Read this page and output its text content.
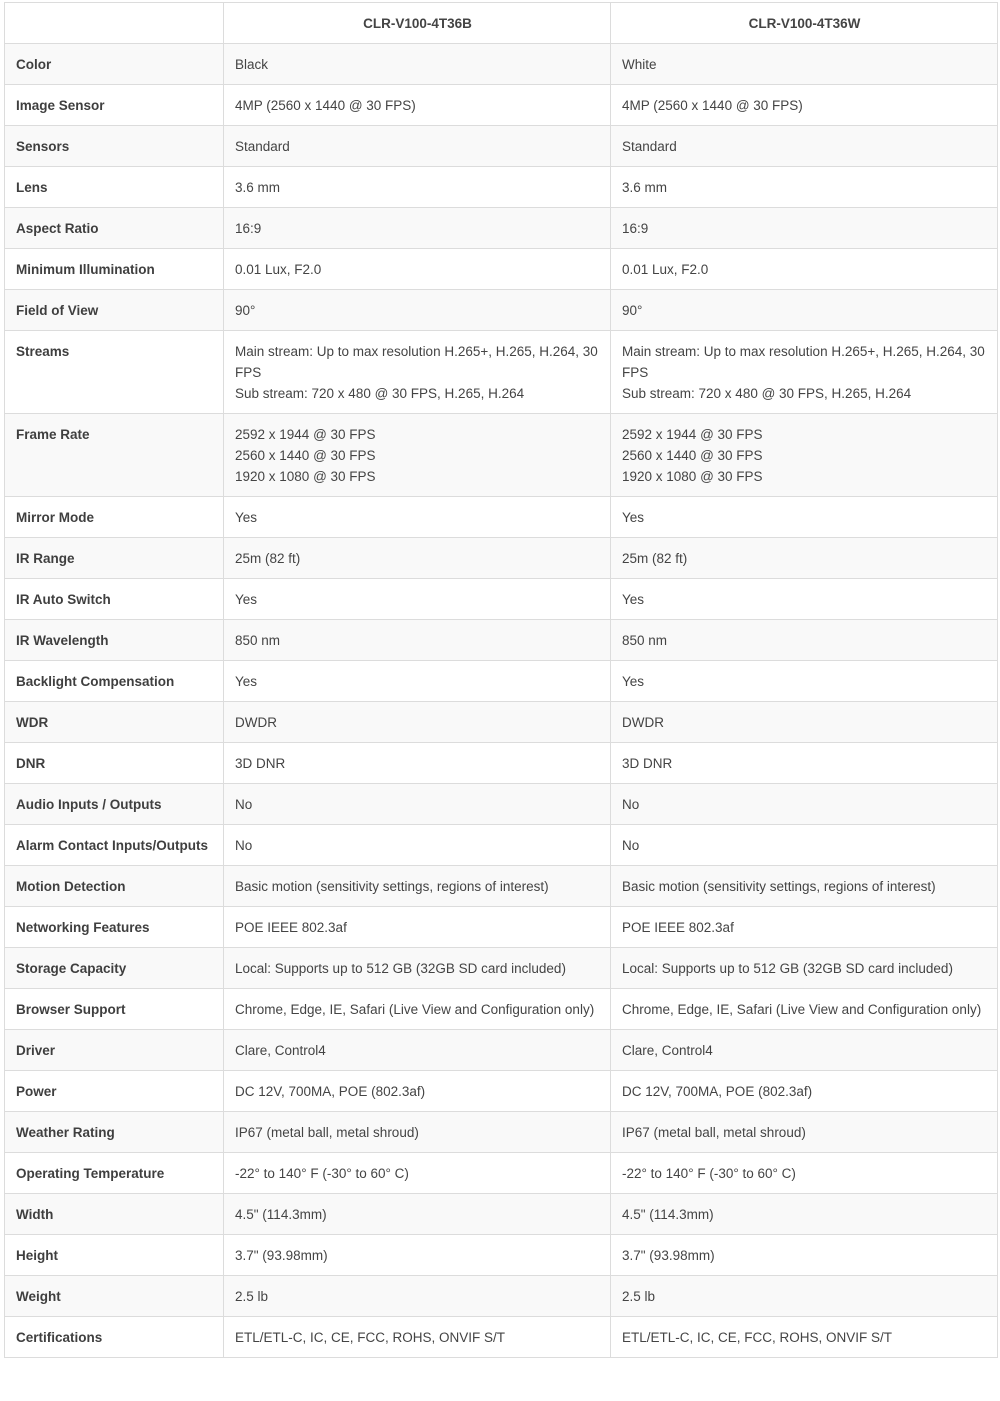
	CLR-V100-4T36B	CLR-V100-4T36W
Color	Black	White

Image Sensor	4MP (2560 x 1440 @ 30 FPS)	4MP (2560 x 1440 @ 30 FPS)

Sensors	Standard	Standard

Lens	3.6 mm	3.6 mm

Aspect Ratio	16:9	16:9

Minimum Illumination	0.01 Lux, F2.0	0.01 Lux, F2.0

Field of View	90°	90°

Streams	Main stream: Up to max resolution H.265+, H.265, H.264, 30 FPS
Sub stream: 720 x 480 @ 30 FPS, H.265, H.264	Main stream: Up to max resolution H.265+, H.265, H.264, 30 FPS
Sub stream: 720 x 480 @ 30 FPS, H.265, H.264

Frame Rate	2592 x 1944 @ 30 FPS
2560 x 1440 @ 30 FPS
1920 x 1080 @ 30 FPS	2592 x 1944 @ 30 FPS
2560 x 1440 @ 30 FPS
1920 x 1080 @ 30 FPS

Mirror Mode	Yes	Yes

IR Range	25m (82 ft)	25m (82 ft)

IR Auto Switch	Yes	Yes

IR Wavelength	850 nm	850 nm

Backlight Compensation	Yes	Yes

WDR	DWDR	DWDR

DNR	3D DNR	3D DNR

Audio Inputs / Outputs	No	No

Alarm Contact Inputs/Outputs	No	No

Motion Detection	Basic motion (sensitivity settings, regions of interest)	Basic motion (sensitivity settings, regions of interest)

Networking Features	POE IEEE 802.3af	POE IEEE 802.3af

Storage Capacity	Local: Supports up to 512 GB (32GB SD card included)	Local: Supports up to 512 GB (32GB SD card included)

Browser Support	Chrome, Edge, IE, Safari (Live View and Configuration only)	Chrome, Edge, IE, Safari (Live View and Configuration only)

Driver	Clare, Control4	Clare, Control4

Power	DC 12V, 700MA, POE (802.3af)	DC 12V, 700MA, POE (802.3af)

Weather Rating	IP67 (metal ball, metal shroud)	IP67 (metal ball, metal shroud)

Operating Temperature	-22° to 140° F (-30° to 60° C)	-22° to 140° F (-30° to 60° C)

Width	4.5" (114.3mm)	4.5" (114.3mm)

Height	3.7" (93.98mm)	3.7" (93.98mm)

Weight	2.5 lb	2.5 lb

Certifications	ETL/ETL-C, IC, CE, FCC, ROHS, ONVIF S/T	ETL/ETL-C, IC, CE, FCC, ROHS, ONVIF S/T
